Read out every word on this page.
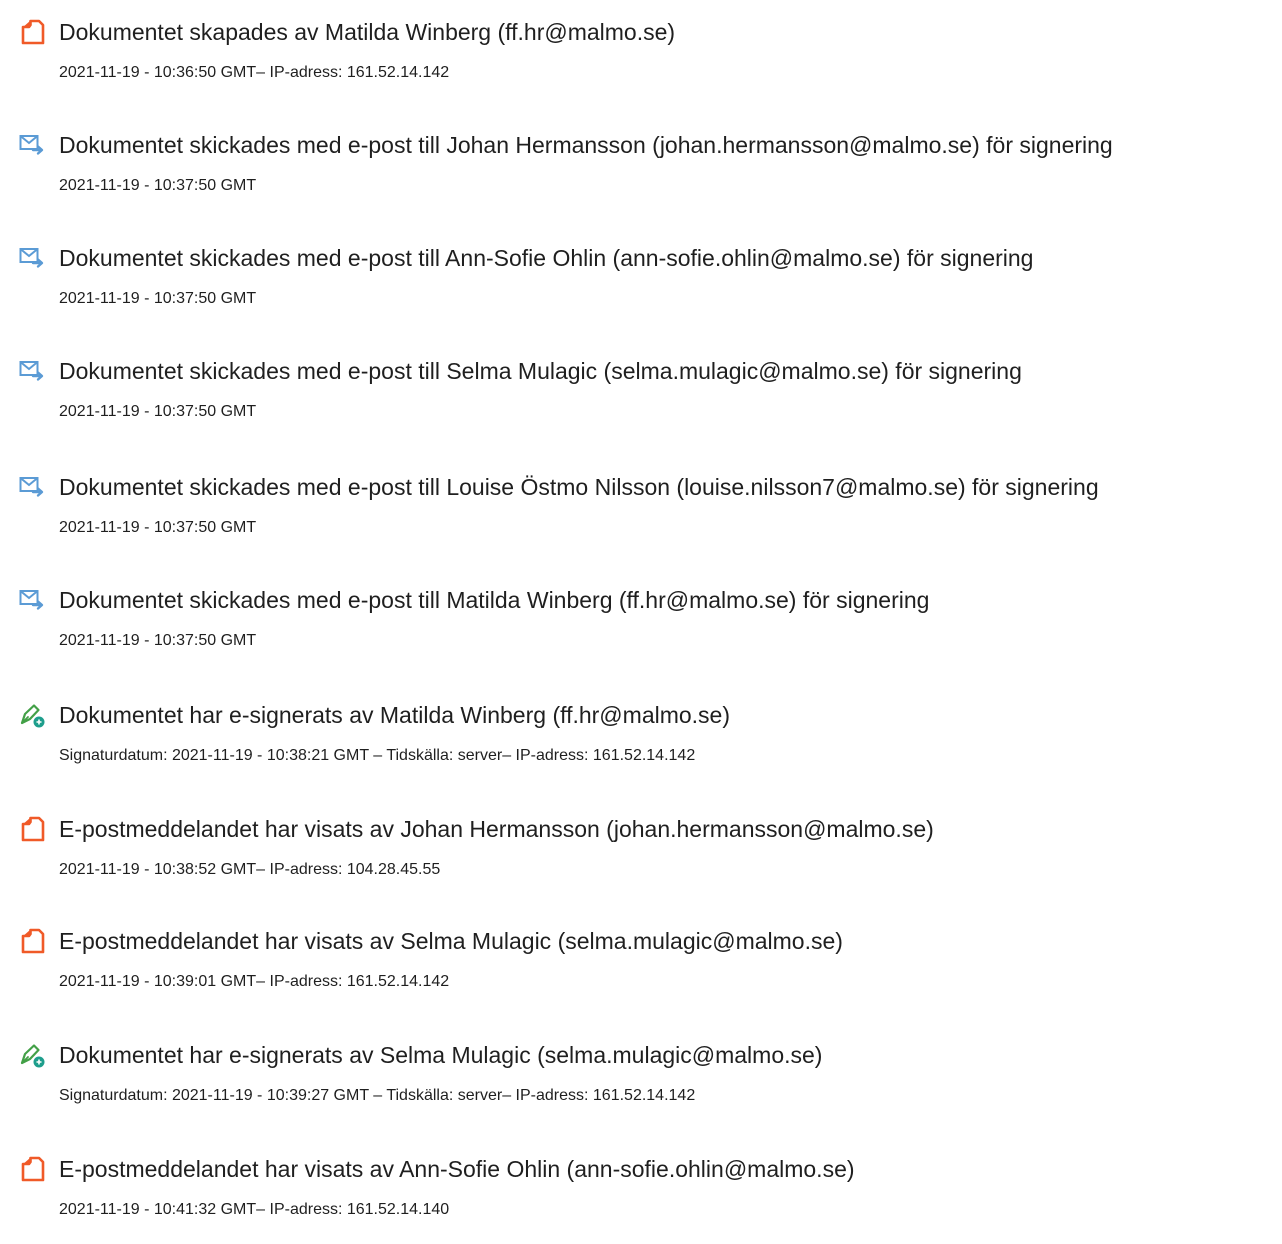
Dokumentet skapades av Matilda Winberg (ff.hr@malmo.se)
2021-11-19 - 10:36:50 GMT– IP-adress: 161.52.14.142
Dokumentet skickades med e-post till Johan Hermansson (johan.hermansson@malmo.se) för signering
2021-11-19 - 10:37:50 GMT
Dokumentet skickades med e-post till Ann-Sofie Ohlin (ann-sofie.ohlin@malmo.se) för signering
2021-11-19 - 10:37:50 GMT
Dokumentet skickades med e-post till Selma Mulagic (selma.mulagic@malmo.se) för signering
2021-11-19 - 10:37:50 GMT
Dokumentet skickades med e-post till Louise Östmo Nilsson (louise.nilsson7@malmo.se) för signering
2021-11-19 - 10:37:50 GMT
Dokumentet skickades med e-post till Matilda Winberg (ff.hr@malmo.se) för signering
2021-11-19 - 10:37:50 GMT
Dokumentet har e-signerats av Matilda Winberg (ff.hr@malmo.se)
Signaturdatum: 2021-11-19 - 10:38:21 GMT – Tidskälla: server– IP-adress: 161.52.14.142
E-postmeddelandet har visats av Johan Hermansson (johan.hermansson@malmo.se)
2021-11-19 - 10:38:52 GMT– IP-adress: 104.28.45.55
E-postmeddelandet har visats av Selma Mulagic (selma.mulagic@malmo.se)
2021-11-19 - 10:39:01 GMT– IP-adress: 161.52.14.142
Dokumentet har e-signerats av Selma Mulagic (selma.mulagic@malmo.se)
Signaturdatum: 2021-11-19 - 10:39:27 GMT – Tidskälla: server– IP-adress: 161.52.14.142
E-postmeddelandet har visats av Ann-Sofie Ohlin (ann-sofie.ohlin@malmo.se)
2021-11-19 - 10:41:32 GMT– IP-adress: 161.52.14.140
